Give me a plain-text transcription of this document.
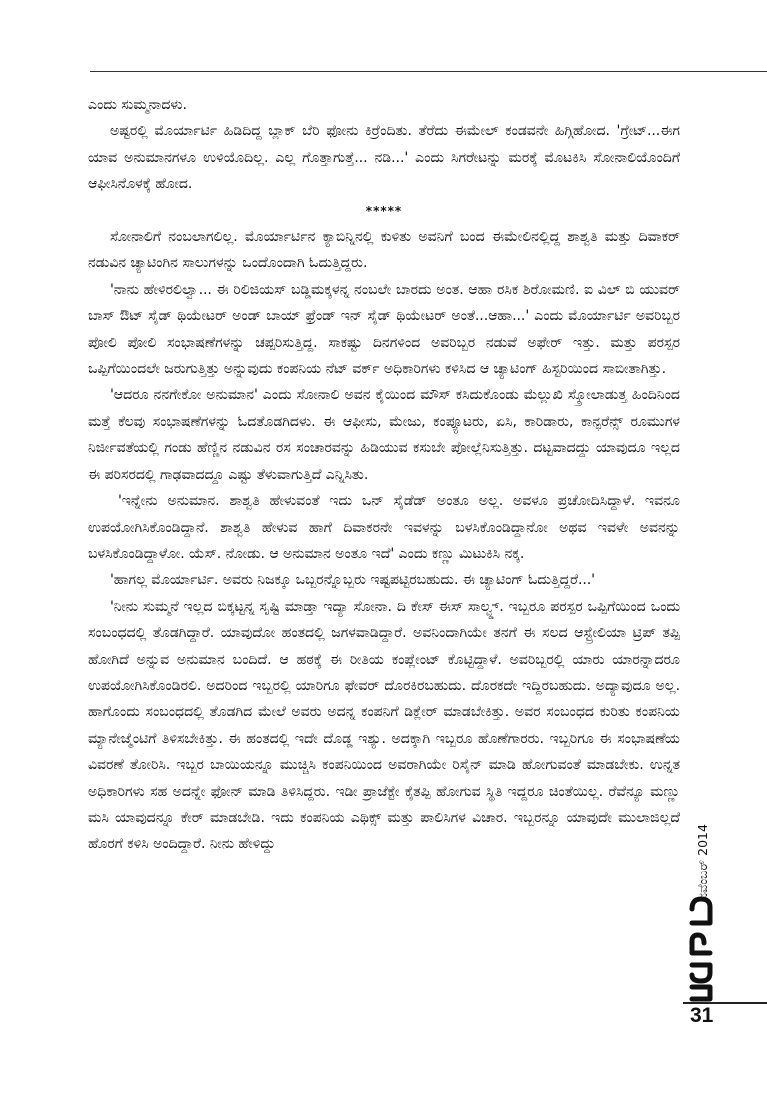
ಎಂದು ಸುಮ್ಮನಾದಳು.

ಅಷ್ಟರಲ್ಲಿ ಮೊರ್ಯಾರ್ಟಿ ಹಿಡಿದಿದ್ದ ಬ್ಲಾಕ್ ಬೆರಿ ಫೋನು ಕಿರ್ರೆಂದಿತು. ತೆರೆದು ಈಮೇಲ್ ಕಂಡವನೇ ಹಿಗ್ಗಿಹೋದ. 'ಗ್ರೇಟ್...ಈಗ ಯಾವ ಅನುಮಾನಗಳೂ ಉಳಿಯೊದಿಲ್ಲ. ಎಲ್ಲ ಗೊತ್ತಾಗುತ್ತೆ... ನಡಿ...' ಎಂದು ಸಿಗರೇಟನ್ನು ಮರಕ್ಕೆ ಮೊಟಕಿಸಿ ಸೋನಾಲಿಯೊಂದಿಗೆ ಆಫೀಸಿನೊಳಕ್ಕೆ ಹೋದ.

*****

ಸೋನಾಲಿಗೆ ನಂಬಲಾಗಲಿಲ್ಲ. ಮೊರ್ಯಾರ್ಟಿನ ಕ್ಯಾಬಿನ್ನಿನಲ್ಲಿ ಕುಳಿತು ಅವನಿಗೆ ಬಂದ ಈಮೇಲಿನಲ್ಲಿದ್ದ ಶಾಶ್ವತಿ ಮತ್ತು ದಿವಾಕರ್ ನಡುವಿನ ಚ್ಯಾಟಿಂಗಿನ ಸಾಲುಗಳನ್ನು ಒಂದೊಂದಾಗಿ ಓದುತ್ತಿದ್ದರು.

'ನಾನು ಹೇಳಿರಲಿಲ್ವಾ... ಈ ರಿಲಿಜಿಯಸ್ ಬಡ್ಡಿಮಕ್ಕಳನ್ನ ನಂಬಲೇ ಬಾರದು ಅಂತ. ಆಹಾ ರಸಿಕ ಶಿರೋಮಣಿ. ಐ ವಿಲ್ ಬಿ ಯುವರ್ ಬಾಸ್ ಔಟ್ ಸೈಡ್ ಥಿಯೇಟರ್ ಅಂಡ್ ಬಾಯ್ ಫ್ರೆಂಡ್ ಇನ್ ಸೈಡ್ ಥಿಯೇಟರ್ ಅಂತೆ...ಆಹಾ...' ಎಂದು ಮೊರ್ಯಾರ್ಟಿ ಅವರಿಬ್ಬರ ಪೋಲಿ ಪೋಲಿ ಸಂಭಾಷಣೆಗಳನ್ನು ಚಪ್ಪರಿಸುತ್ತಿದ್ದ. ಸಾಕಷ್ಟು ದಿನಗಳಿಂದ ಅವರಿಬ್ಬರ ನಡುವೆ ಅಫೇರ್ ಇತ್ತು. ಮತ್ತು ಪರಸ್ಪರ ಒಪ್ಪಿಗೆಯಿಂದಲೇ ಜರುಗುತ್ತಿತ್ತು ಅನ್ನುವುದು ಕಂಪನಿಯ ನೆಟ್ ವರ್ಕ್ ಅಧಿಕಾರಿಗಳು ಕಳಿಸಿದ ಆ ಚ್ಯಾಟಿಂಗ್ ಹಿಸ್ಟರಿಯಿಂದ ಸಾಬೀತಾಗಿತ್ತು.

'ಆದರೂ ನನಗೇಕೋ ಅನುಮಾನ' ಎಂದು ಸೋನಾಲಿ ಅವನ ಕೈಯಿಂದ ಮೌಸ್ ಕಸಿದುಕೊಂಡು ಮೆಲ್ಲುಖಿ ಸ್ಕ್ರೋಲಾಡುತ್ತ ಹಿಂದಿನಿಂದ ಮತ್ತೆ ಕೆಲವು ಸಂಭಾಷಣೆಗಳನ್ನು ಓದತೊಡಗಿದಳು. ಈ ಆಫೀಸು, ಮೇಜು, ಕಂಪ್ಯೂಟರು, ಏಸಿ, ಕಾರಿಡಾರು, ಕಾನ್ಫರೆನ್ಸ್ ರೂಮುಗಳ ನಿರ್ಜೀವತೆಯಲ್ಲಿ ಗಂಡು ಹೆಣ್ಣಿನ ನಡುವಿನ ರಸ ಸಂಚಾರವನ್ನು ಹಿಡಿಯುವ ಕಸುಬೇ ಪೋಲ್ಲೆನಿಸುತ್ತಿತ್ತು. ದಟ್ಟವಾದದ್ದು ಯಾವುದೂ ಇಲ್ಲದ ಈ ಪರಿಸರದಲ್ಲಿ ಗಾಢವಾದದ್ದೂ ಎಷ್ಟು ತೆಳುವಾಗುತ್ತಿದೆ ಎನ್ನಿಸಿತು.

'ಇನ್ನೇನು ಅನುಮಾನ. ಶಾಶ್ವತಿ ಹೇಳುವಂತೆ ಇದು ಒನ್ ಸೈಡೆಡ್ ಅಂತೂ ಅಲ್ಲ. ಅವಳೂ ಪ್ರಚೋದಿಸಿದ್ದಾಳೆ. ಇವನೂ ಉಪಯೋಗಿಸಿಕೊಂಡಿದ್ದಾನೆ. ಶಾಶ್ವತಿ ಹೇಳುವ ಹಾಗೆ ದಿವಾಕರನೇ ಇವಳನ್ನು ಬಳಸಿಕೊಂಡಿದ್ದಾನೋ ಅಥವ ಇವಳೇ ಅವನನ್ನು ಬಳಸಿಕೊಂಡಿದ್ದಾಳೋ. ಯೆಸ್. ನೋಡು. ಆ ಅನುಮಾನ ಅಂತೂ ಇದೆ' ಎಂದು ಕಣ್ಣು ಮಿಟುಕಿಸಿ ನಕ್ಕ.

'ಹಾಗಲ್ಲ ಮೊರ್ಯಾರ್ಟಿ. ಅವರು ನಿಜಕ್ಕೂ ಒಬ್ಬರನ್ನೊಬ್ಬರು ಇಷ್ಟಪಟ್ಟಿರಬಹುದು. ಈ ಚ್ಯಾಟಿಂಗ್ ಓದುತ್ತಿದ್ದರೆ...'

'ನೀನು ಸುಮ್ಮನೆ ಇಲ್ಲದ ಬಿಕ್ಕಟ್ಟನ್ನ ಸೃಷ್ಟಿ ಮಾಡ್ತಾ ಇದ್ಯಾ ಸೋನಾ. ದಿ ಕೇಸ್ ಈಸ್ ಸಾಲ್ವ್ಡ್. ಇಬ್ಬರೂ ಪರಸ್ಪರ ಒಪ್ಪಿಗೆಯಿಂದ ಒಂದು ಸಂಬಂಧದಲ್ಲಿ ತೊಡಗಿದ್ದಾರೆ. ಯಾವುದೋ ಹಂತದಲ್ಲಿ ಜಗಳವಾಡಿದ್ದಾರೆ. ಅವನಿಂದಾಗಿಯೇ ತನಗೆ ಈ ಸಲದ ಆಸ್ಟ್ರೇಲಿಯಾ ಟ್ರಿಪ್ ತಪ್ಪಿ ಹೋಗಿದೆ ಅನ್ನುವ ಅನುಮಾನ ಬಂದಿದೆ. ಆ ಹಠಕ್ಕೆ ಈ ರೀತಿಯ ಕಂಪ್ಲೇಂಟ್ ಕೊಟ್ಟಿದ್ದಾಳೆ. ಅವರಿಬ್ಬರಲ್ಲಿ ಯಾರು ಯಾರನ್ನಾದರೂ ಉಪಯೋಗಿಸಿಕೊಂಡಿರಲಿ. ಅದರಿಂದ ಇಬ್ಬರಲ್ಲಿ ಯಾರಿಗೂ ಫೇವರ್ ದೊರಕಿರಬಹುದು. ದೊರಕದೇ ಇದ್ದಿರಬಹುದು. ಅದ್ಯಾವುದೂ ಅಲ್ಲ. ಹಾಗೊಂದು ಸಂಬಂಧದಲ್ಲಿ ತೊಡಗಿದ ಮೇಲೆ ಅವರು ಅದನ್ನ ಕಂಪನಿಗೆ ಡಿಕ್ಲೇರ್ ಮಾಡಬೇಕಿತ್ತು. ಅವರ ಸಂಬಂಧದ ಕುರಿತು ಕಂಪನಿಯ ಮ್ಯಾನೇಜ್ಮೆಂಟಿಗೆ ತಿಳಿಸಬೇಕಿತ್ತು. ಈ ಹಂತದಲ್ಲಿ ಇದೇ ದೊಡ್ಡ ಇಶ್ಯು. ಅದಕ್ಕಾಗಿ ಇಬ್ಬರೂ ಹೊಣೆಗಾರರು. ಇಬ್ಬರಿಗೂ ಈ ಸಂಭಾಷಣೆಯ ವಿವರಣೆ ತೋರಿಸಿ. ಇಬ್ಬರ ಬಾಯಿಯನ್ನೂ ಮುಚ್ಚಿಸಿ ಕಂಪನಿಯಿಂದ ಅವರಾಗಿಯೇ ರಿಸೈನ್ ಮಾಡಿ ಹೋಗುವಂತೆ ಮಾಡಬೇಕು. ಉನ್ನತ ಅಧಿಕಾರಿಗಳು ಸಹ ಅದನ್ನೇ ಫೋನ್ ಮಾಡಿ ತಿಳಿಸಿದ್ದರು. ಇಡೀ ಪ್ರಾಜೆಕ್ಟೇ ಕೈತಪ್ಪಿ ಹೋಗುವ ಸ್ಥಿತಿ ಇದ್ದರೂ ಚಿಂತೆಯಿಲ್ಲ. ರೆವೆನ್ಯೂ ಮಣ್ಣು ಮಸಿ ಯಾವುದನ್ನೂ ಕೇರ್ ಮಾಡಬೇಡಿ. ಇದು ಕಂಪನಿಯ ಎಥಿಕ್ಸ್ ಮತ್ತು ಪಾಲಿಸಿಗಳ ವಿಚಾರ. ಇಬ್ಬರನ್ನೂ ಯಾವುದೇ ಮುಲಾಜಿಲ್ಲದೆ ಹೊರಗೆ ಕಳಿಸಿ ಅಂದಿದ್ದಾರೆ. ನೀನು ಹೇಳಿದ್ದು	ನವೆಂಬರ್ 2014
31
